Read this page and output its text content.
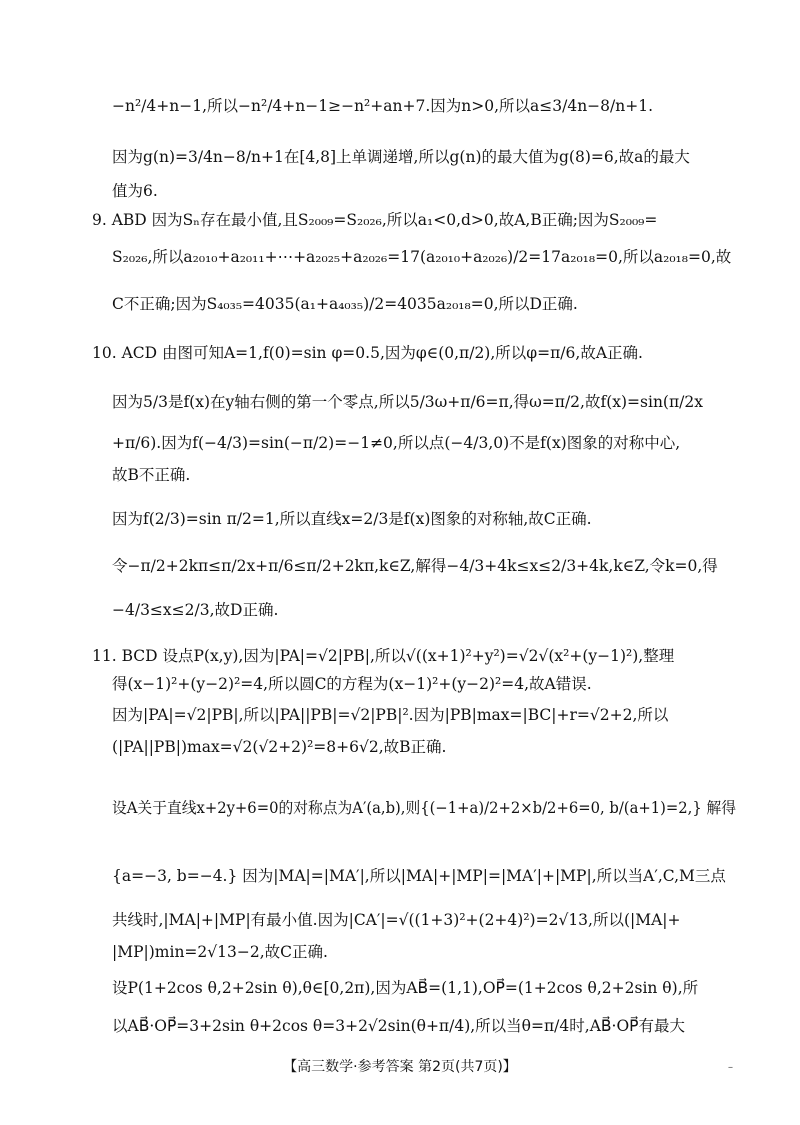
−n²/4+n−1,所以−n²/4+n−1≥−n²+an+7.因为n>0,所以a≤3/4n−8/n+1.
因为g(n)=3/4n−8/n+1在[4,8]上单调递增,所以g(n)的最大值为g(8)=6,故a的最大
值为6.
9. ABD 因为Sₙ存在最小值,且S₂₀₀₉=S₂₀₂₆,所以a₁<0,d>0,故A,B正确;因为S₂₀₀₉=
S₂₀₂₆,所以a₂₀₁₀+a₂₀₁₁+⋯+a₂₀₂₅+a₂₀₂₆=17(a₂₀₁₀+a₂₀₂₆)/2=17a₂₀₁₈=0,所以a₂₀₁₈=0,故
C不正确;因为S₄₀₃₅=4035(a₁+a₄₀₃₅)/2=4035a₂₀₁₈=0,所以D正确.
10. ACD 由图可知A=1,f(0)=sin φ=0.5,因为φ∈(0,π/2),所以φ=π/6,故A正确.
因为5/3是f(x)在y轴右侧的第一个零点,所以5/3ω+π/6=π,得ω=π/2,故f(x)=sin(π/2x
+π/6).因为f(−4/3)=sin(−π/2)=−1≠0,所以点(−4/3,0)不是f(x)图象的对称中心,
故B不正确.
因为f(2/3)=sin π/2=1,所以直线x=2/3是f(x)图象的对称轴,故C正确.
令−π/2+2kπ≤π/2x+π/6≤π/2+2kπ,k∈Z,解得−4/3+4k≤x≤2/3+4k,k∈Z,令k=0,得
−4/3≤x≤2/3,故D正确.
11. BCD 设点P(x,y),因为|PA|=√2|PB|,所以√((x+1)²+y²)=√2√(x²+(y−1)²),整理
得(x−1)²+(y−2)²=4,所以圆C的方程为(x−1)²+(y−2)²=4,故A错误.
因为|PA|=√2|PB|,所以|PA||PB|=√2|PB|².因为|PB|max=|BC|+r=√2+2,所以
(|PA||PB|)max=√2(√2+2)²=8+6√2,故B正确.
设A关于直线x+2y+6=0的对称点为A′(a,b),则{(−1+a)/2+2×b/2+6=0, b/(a+1)=2,} 解得
{a=−3, b=−4.} 因为|MA|=|MA′|,所以|MA|+|MP|=|MA′|+|MP|,所以当A′,C,M三点
共线时,|MA|+|MP|有最小值.因为|CA′|=√((1+3)²+(2+4)²)=2√13,所以(|MA|+
|MP|)min=2√13−2,故C正确.
设P(1+2cos θ,2+2sin θ),θ∈[0,2π),因为AB⃗=(1,1),OP⃗=(1+2cos θ,2+2sin θ),所
以AB⃗·OP⃗=3+2sin θ+2cos θ=3+2√2sin(θ+π/4),所以当θ=π/4时,AB⃗·OP⃗有最大
【高三数学·参考答案 第2页(共7页)】	–
